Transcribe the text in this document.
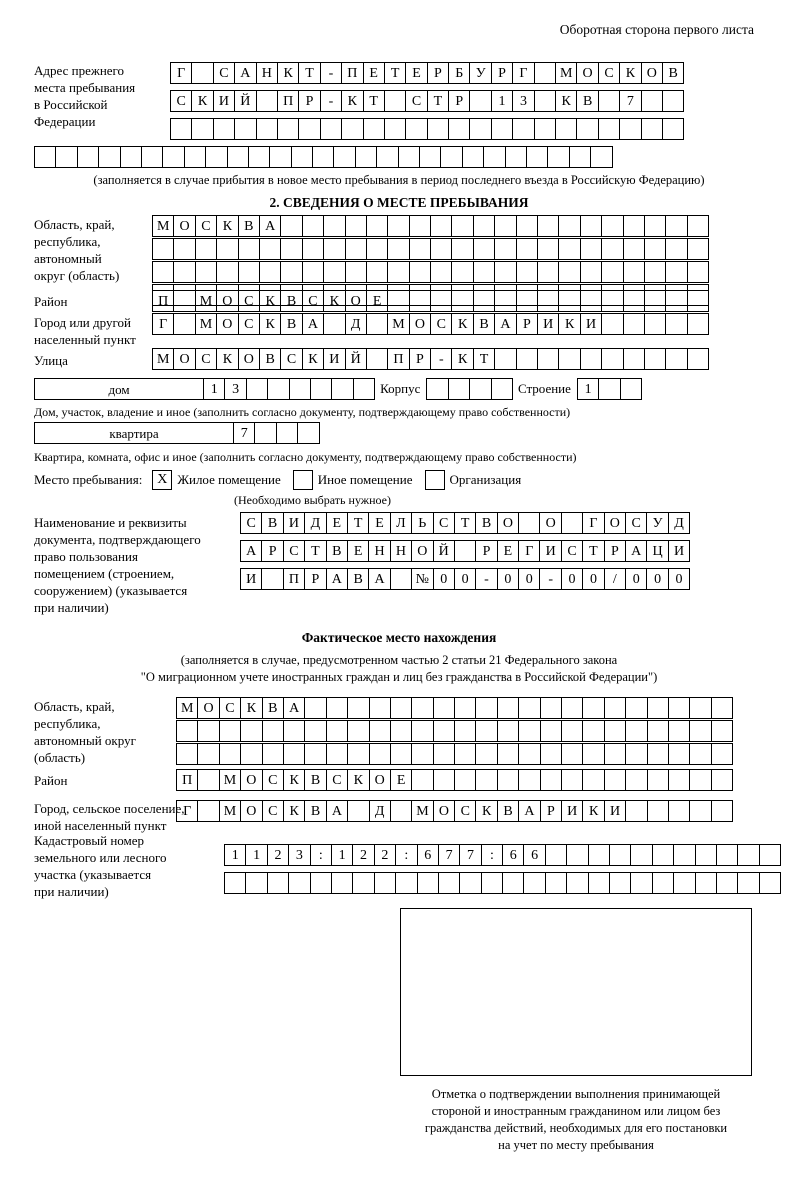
Оборотная сторона первого листа
Адрес прежнего
места пребывания
в Российской
Федерации
Г	С А Н К Т	- П Е Т Е Р Б У Р Г	М О С К О В
С К И Й	П Р	-	К Т	С Т Р	1	3	К В	7
(заполняется в случае прибытия в новое место пребывания в период последнего въезда в Российскую Федерацию)
2. СВЕДЕНИЯ О МЕСТЕ ПРЕБЫВАНИЯ
Область, край,
республика,
автономный
округ (область)
М О С К В А
Район	П	М О С К В С К О Е
Город или другой
населенный пункт
Г	М О С К В А	Д	М О С К В А Р И К И
Улица	М О С К О В С К И Й	П Р	-	К Т
дом	1	3	Корпус	Строение 1
Дом, участок, владение и иное (заполнить согласно документу, подтверждающему право собственности)
квартира	7
Квартира, комната, офис и иное (заполнить согласно документу, подтверждающему право собственности)
Место пребывания:	Х Жилое помещение	Иное помещение	Организация
(Необходимо выбрать нужное)
Наименование и реквизиты
документа, подтверждающего
право пользования
помещением (строением,
сооружением) (указывается
при наличии)
С В И Д Е Т Е Л Ь С Т В О	О	Г О С У Д
А Р С Т В Е Н Н О Й	Р Е Г И С Т Р А Ц И
И	П Р А В А	№ 0	0	-	0	0	-	0	0	/	0	0	0
Фактическое место нахождения
(заполняется в случае, предусмотренном частью 2 статьи 21 Федерального закона
"О миграционном учете иностранных граждан и лиц без гражданства в Российской Федерации")
Область, край,
республика,
автономный округ
(область)
М О С К В А
Район	П	М О С К В С К О Е
Город, сельское поселение,
иной населенный пункт
Г	М О С К В А	Д	М О С К В А Р И К И
Кадастровый номер
земельного или лесного
участка (указывается
при наличии)
1	1	2	3	:	1	2	2	:	6	7	7	:	6	6
Отметка о подтверждении выполнения принимающей
стороной и иностранным гражданином или лицом без
гражданства действий, необходимых для его постановки
на учет по месту пребывания
